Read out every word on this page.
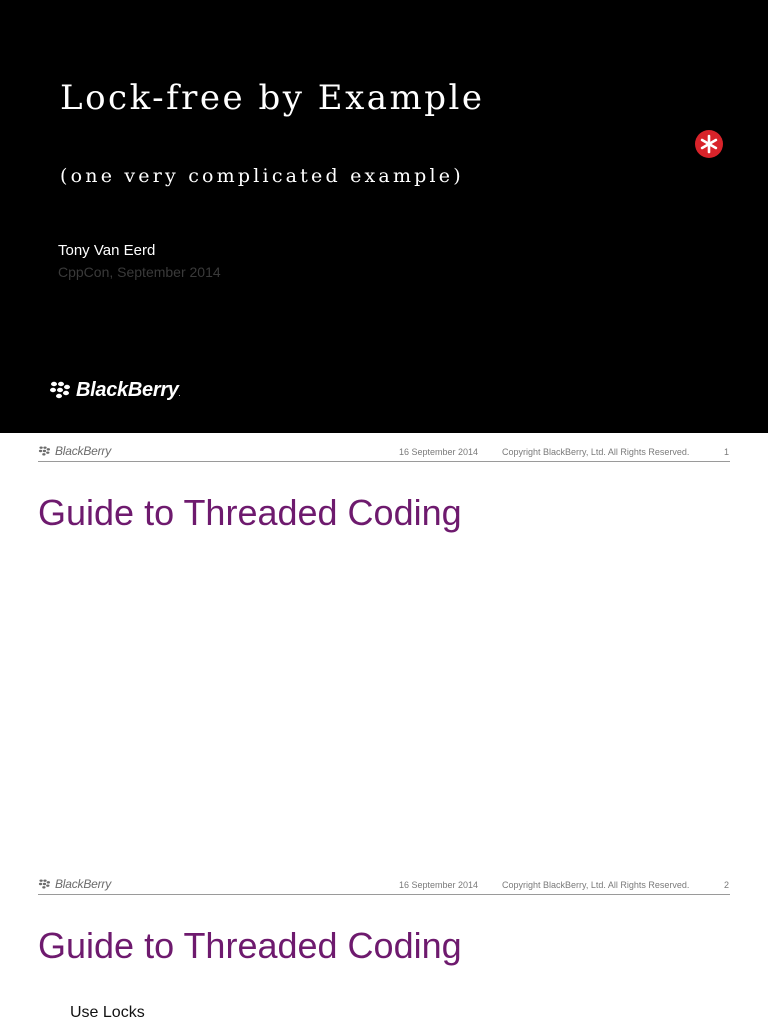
Lock-free by Example
(one very complicated example)
Tony Van Eerd
CppCon, September 2014
BlackBerry.
BlackBerry	16 September 2014	Copyright BlackBerry, Ltd. All Rights Reserved.	1
Guide to Threaded Coding
BlackBerry	16 September 2014	Copyright BlackBerry, Ltd. All Rights Reserved.	2
Guide to Threaded Coding
Use Locks
